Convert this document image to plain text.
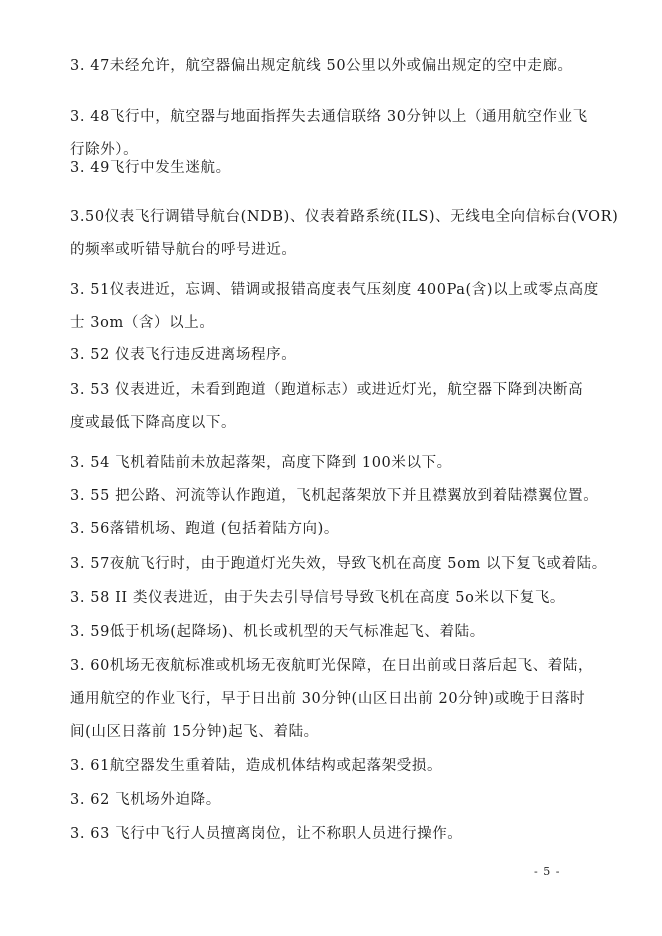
3. 47未经允许，航空器偏出规定航线 50公里以外或偏出规定的空中走廊。
3. 48飞行中，航空器与地面指挥失去通信联络 30分钟以上（通用航空作业飞
行除外）。
3. 49飞行中发生迷航。
3.50仪表飞行调错导航台(NDB)、仪表着路系统(ILS)、无线电全向信标台(VOR)
的频率或听错导航台的呼号进近。
3. 51仪表进近，忘调、错调或报错高度表气压刻度 400Pa(含)以上或零点高度
士 3om（含）以上。
3. 52 仪表飞行违反进离场程序。
3. 53 仪表进近，未看到跑道（跑道标志）或进近灯光，航空器下降到决断高
度或最低下降高度以下。
3. 54 飞机着陆前未放起落架，高度下降到 100米以下。
3. 55 把公路、河流等认作跑道，飞机起落架放下并且襟翼放到着陆襟翼位置。
3. 56落错机场、跑道 (包括着陆方向)。
3. 57夜航飞行时，由于跑道灯光失效，导致飞机在高度 5om 以下复飞或着陆。
3. 58 II 类仪表进近，由于失去引导信号导致飞机在高度 5o米以下复飞。
3. 59低于机场(起降场)、机长或机型的天气标准起飞、着陆。
3. 60机场无夜航标准或机场无夜航町光保障，在日出前或日落后起飞、着陆，
通用航空的作业飞行，早于日出前 30分钟(山区日出前 20分钟)或晚于日落时
间(山区日落前 15分钟)起飞、着陆。
3. 61航空器发生重着陆，造成机体结构或起落架受损。
3. 62 飞机场外迫降。
3. 63 飞行中飞行人员擅离岗位，让不称职人员进行操作。
- 5 -
